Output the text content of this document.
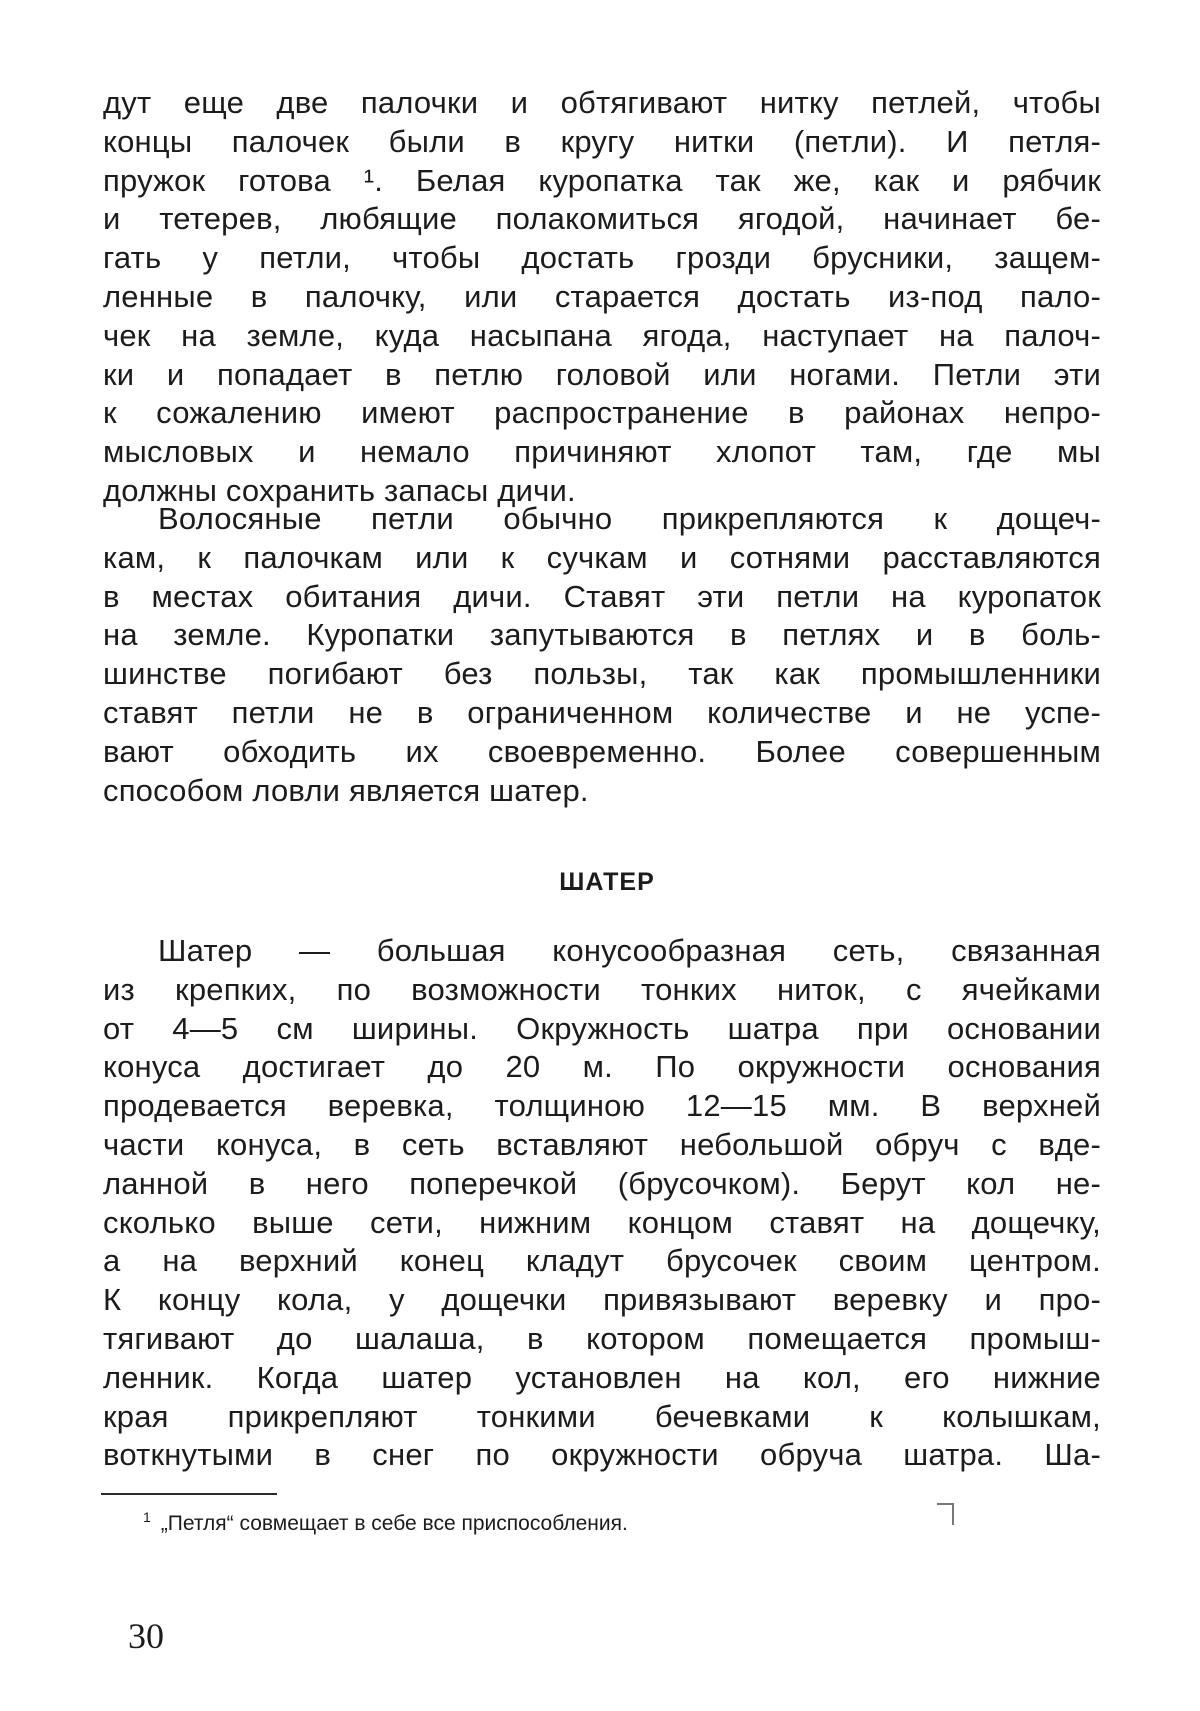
дут еще две палочки и обтягивают нитку петлей, чтобы
концы палочек были в кругу нитки (петли). И петля-
пружок готова ¹. Белая куропатка так же, как и рябчик
и тетерев, любящие полакомиться ягодой, начинает бе-
гать у петли, чтобы достать грозди брусники, защем-
ленные в палочку, или старается достать из-под пало-
чек на земле, куда насыпана ягода, наступает на палоч-
ки и попадает в петлю головой или ногами. Петли эти
к сожалению имеют распространение в районах непро-
мысловых и немало причиняют хлопот там, где мы
должны сохранить запасы дичи.
Волосяные петли обычно прикрепляются к дощеч-
кам, к палочкам или к сучкам и сотнями расставляются
в местах обитания дичи. Ставят эти петли на куропаток
на земле. Куропатки запутываются в петлях и в боль-
шинстве погибают без пользы, так как промышленники
ставят петли не в ограниченном количестве и не успе-
вают обходить их своевременно. Более совершенным
способом ловли является шатер.
ШАТЕР
Шатер — большая конусообразная сеть, связанная
из крепких, по возможности тонких ниток, с ячейками
от 4—5 см ширины. Окружность шатра при основании
конуса достигает до 20 м. По окружности основания
продевается веревка, толщиною 12—15 мм. В верхней
части конуса, в сеть вставляют небольшой обруч с вде-
ланной в него поперечкой (брусочком). Берут кол не-
сколько выше сети, нижним концом ставят на дощечку,
а на верхний конец кладут брусочек своим центром.
К концу кола, у дощечки привязывают веревку и про-
тягивают до шалаша, в котором помещается промыш-
ленник. Когда шатер установлен на кол, его нижние
края прикрепляют тонкими бечевками к колышкам,
воткнутыми в снег по окружности обруча шатра. Ша-

$^1$ „Петля“ совмещает в себе все приспособления.

30
